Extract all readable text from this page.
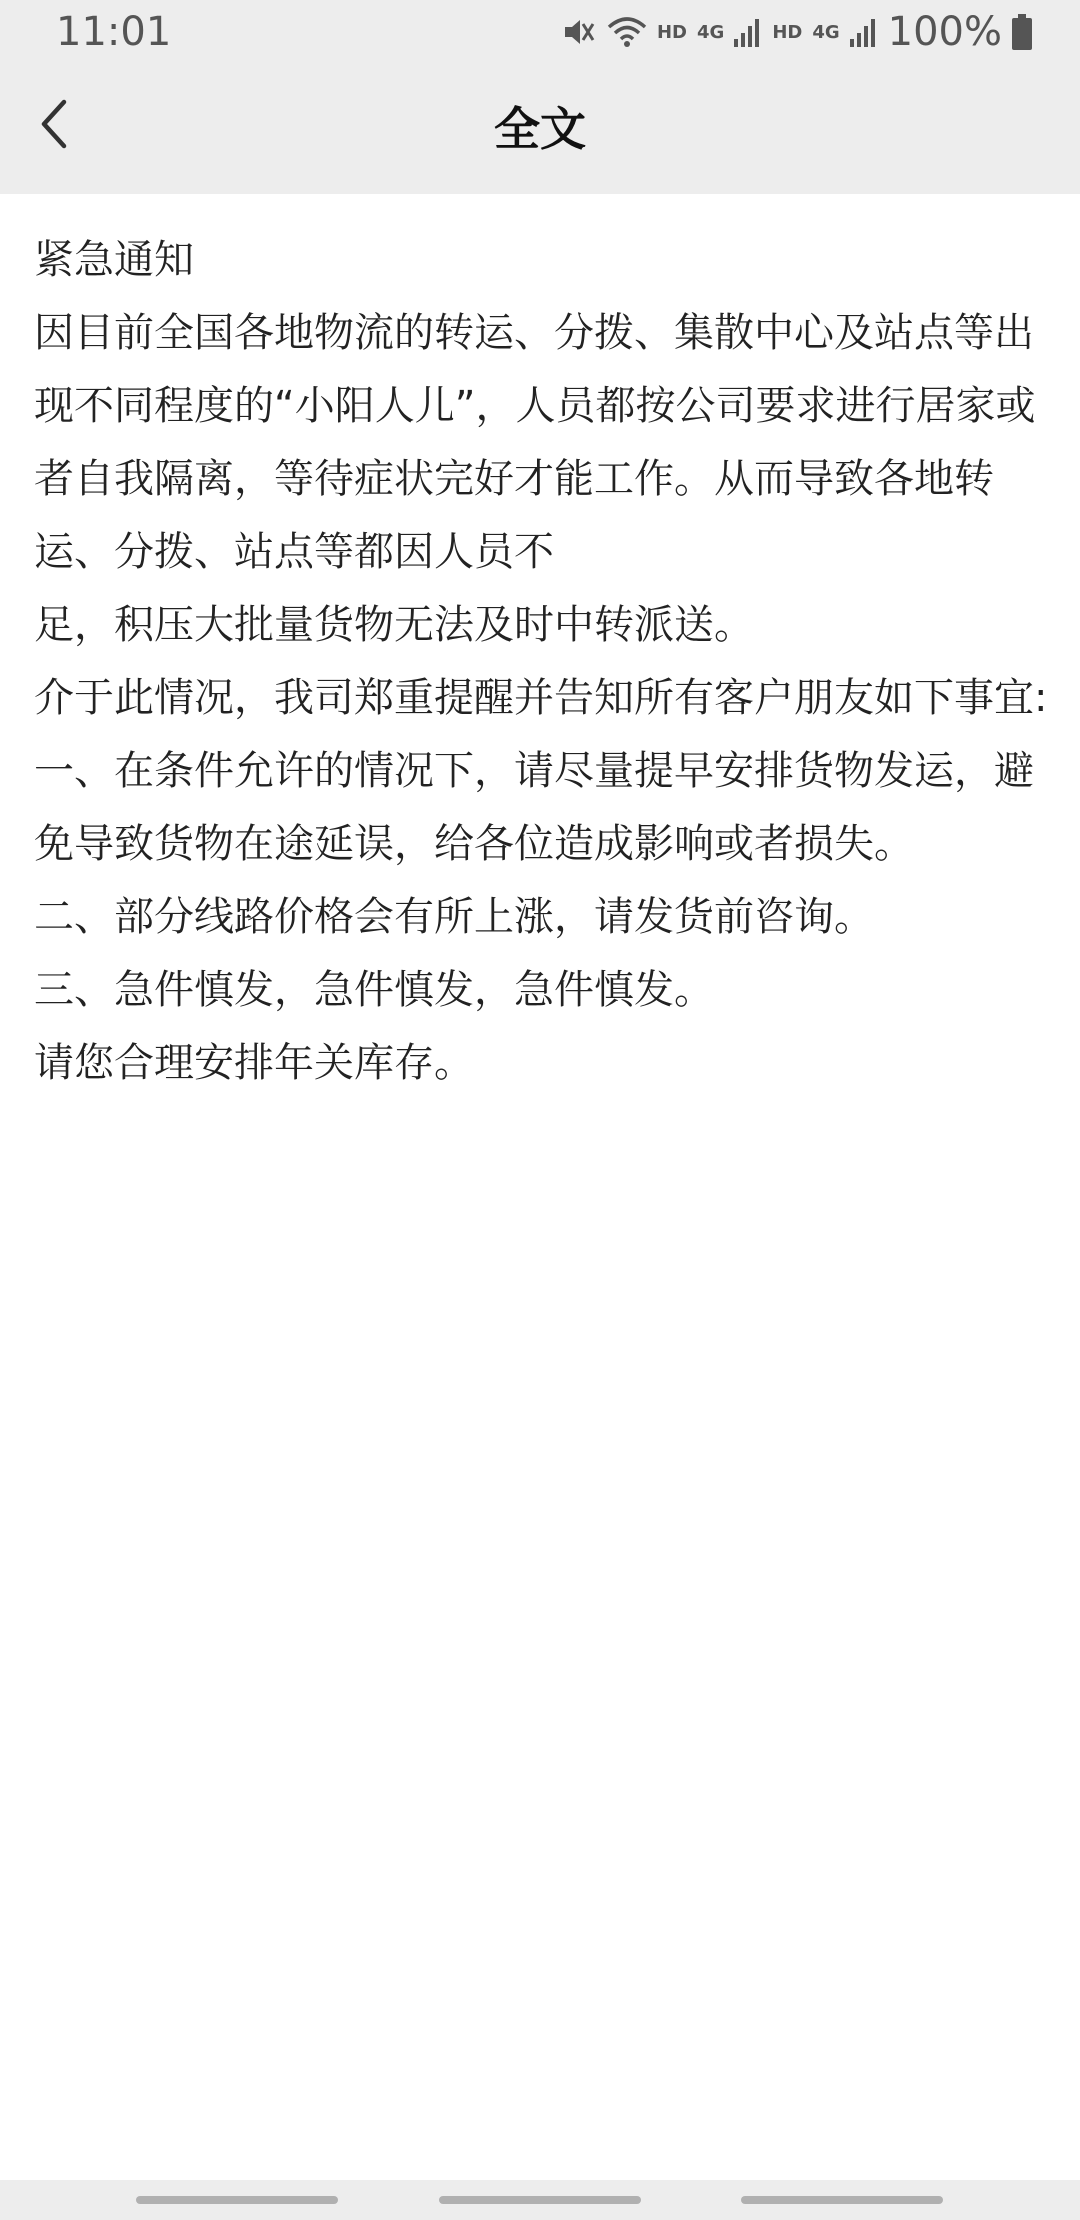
11:01	HD 4G	HD 4G 100%
全文
紧急通知
因目前全国各地物流的转运、分拨、集散中心及站点等出现不同程度的“小阳人儿”，人员都按公司要求进行居家或者自我隔离，等待症状完好才能工作。从而导致各地转运、分拨、站点等都因人员不
足，积压大批量货物无法及时中转派送。
介于此情况，我司郑重提醒并告知所有客户朋友如下事宜:
一、在条件允许的情况下，请尽量提早安排货物发运，避免导致货物在途延误，给各位造成影响或者损失。
二、部分线路价格会有所上涨，请发货前咨询。
三、急件慎发，急件慎发，急件慎发。
请您合理安排年关库存。
